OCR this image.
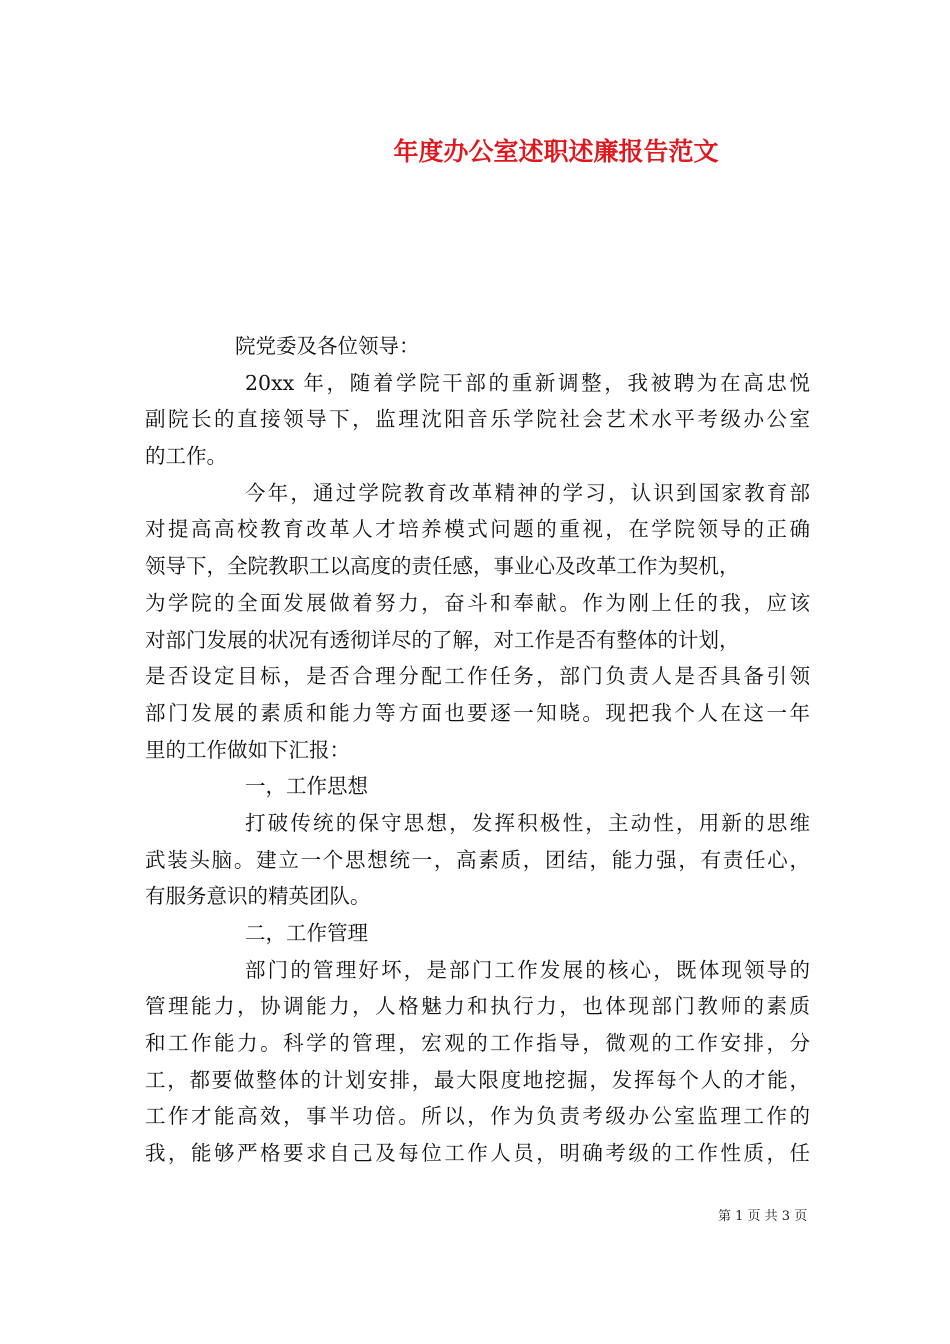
年度办公室述职述廉报告范文
院党委及各位领导：
20xx 年，随着学院干部的重新调整，我被聘为在高忠悦
副院长的直接领导下，监理沈阳音乐学院社会艺术水平考级办公室
的工作。
今年，通过学院教育改革精神的学习，认识到国家教育部
对提高高校教育改革人才培养模式问题的重视，在学院领导的正确
领导下，全院教职工以高度的责任感，事业心及改革工作为契机，
为学院的全面发展做着努力，奋斗和奉献。作为刚上任的我，应该
对部门发展的状况有透彻详尽的了解，对工作是否有整体的计划，
是否设定目标，是否合理分配工作任务，部门负责人是否具备引领
部门发展的素质和能力等方面也要逐一知晓。现把我个人在这一年
里的工作做如下汇报：
一，工作思想
打破传统的保守思想，发挥积极性，主动性，用新的思维
武装头脑。建立一个思想统一，高素质，团结，能力强，有责任心，
有服务意识的精英团队。
二，工作管理
部门的管理好坏，是部门工作发展的核心，既体现领导的
管理能力，协调能力，人格魅力和执行力，也体现部门教师的素质
和工作能力。科学的管理，宏观的工作指导，微观的工作安排，分
工，都要做整体的计划安排，最大限度地挖掘，发挥每个人的才能，
工作才能高效，事半功倍。所以，作为负责考级办公室监理工作的
我，能够严格要求自己及每位工作人员，明确考级的工作性质，任
第 1 页 共 3 页
